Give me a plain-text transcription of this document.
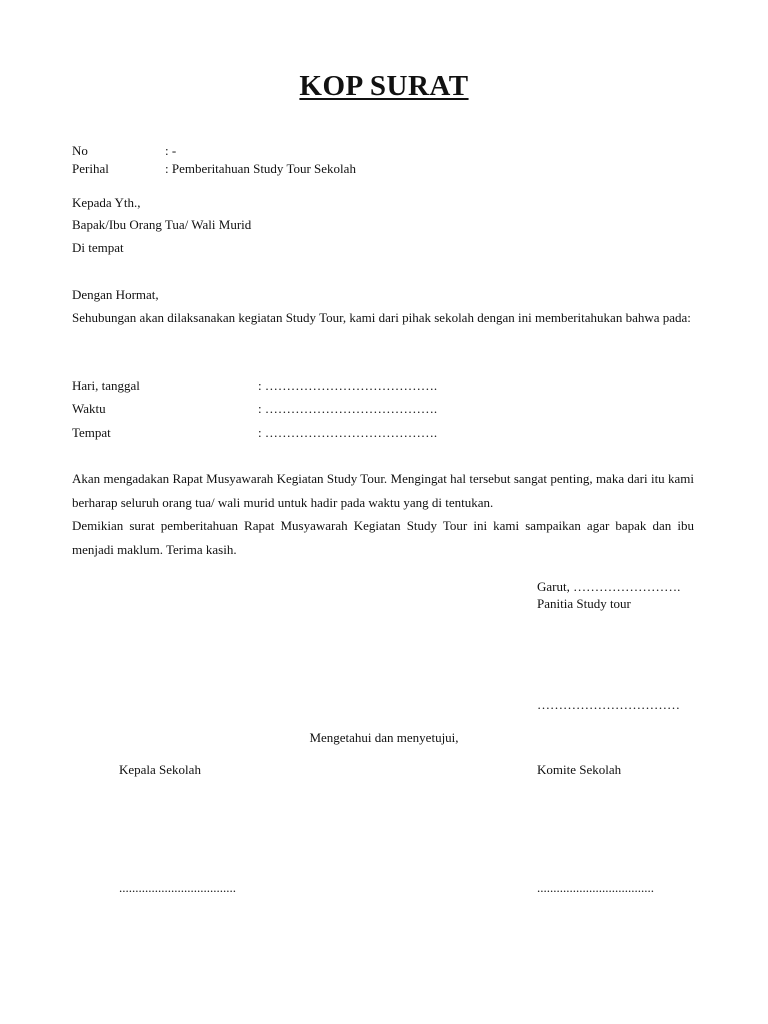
KOP SURAT
No	: -
Perihal	: Pemberitahuan Study Tour Sekolah
Kepada Yth.,
Bapak/Ibu Orang Tua/ Wali Murid
Di tempat
Dengan Hormat,

Sehubungan akan dilaksanakan kegiatan Study Tour, kami dari pihak sekolah dengan ini memberitahukan bahwa pada:

Hari, tanggal	: ………………………………….
Waktu	: ………………………………….
Tempat	: ………………………………….

Akan mengadakan Rapat Musyawarah Kegiatan Study Tour. Mengingat hal tersebut sangat penting, maka dari itu kami berharap seluruh orang tua/ wali murid untuk hadir pada waktu yang di tentukan.

Demikian surat pemberitahuan Rapat Musyawarah Kegiatan Study Tour ini kami sampaikan agar bapak dan ibu menjadi maklum. Terima kasih.

Garut, …………………….
Panitia Study tour
……………………………
Mengetahui dan menyetujui,
Kepala Sekolah	Komite Sekolah
....................................	....................................
